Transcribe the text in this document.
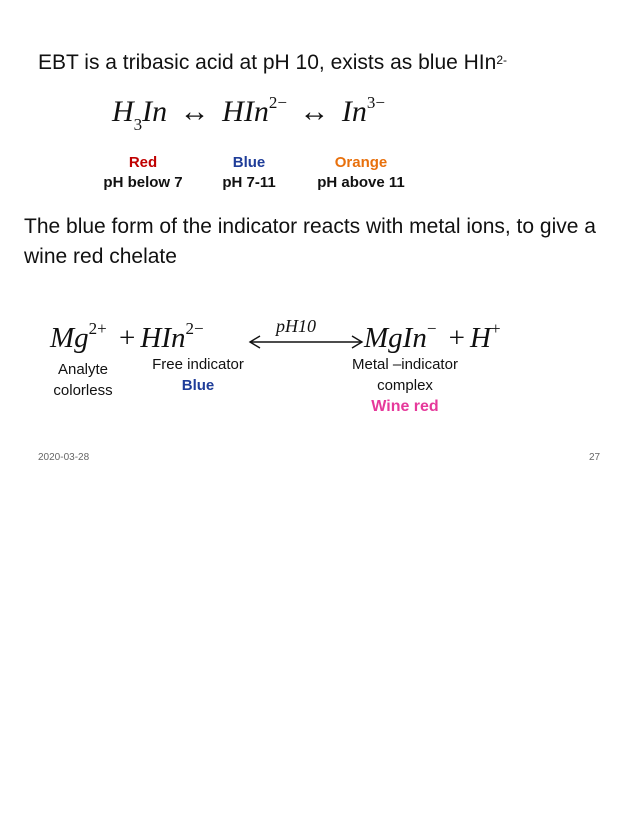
EBT is a tribasic acid at pH 10, exists as blue HIn$^{2-}$
$H_3In$ ↔ HIn$^{2-}$ ↔ $In^{3-}$
Red
pH below 7
Blue
pH 7-11
Orange
pH above 11
The blue form of the indicator reacts with metal ions, to give a wine red chelate
$Mg^{2+} + HIn^{2-}$	pH10 MgIn− + H+
Analyte
colorless
Free indicator
Blue
Metal –indicator
complex
Wine red
2020-03-28	27
